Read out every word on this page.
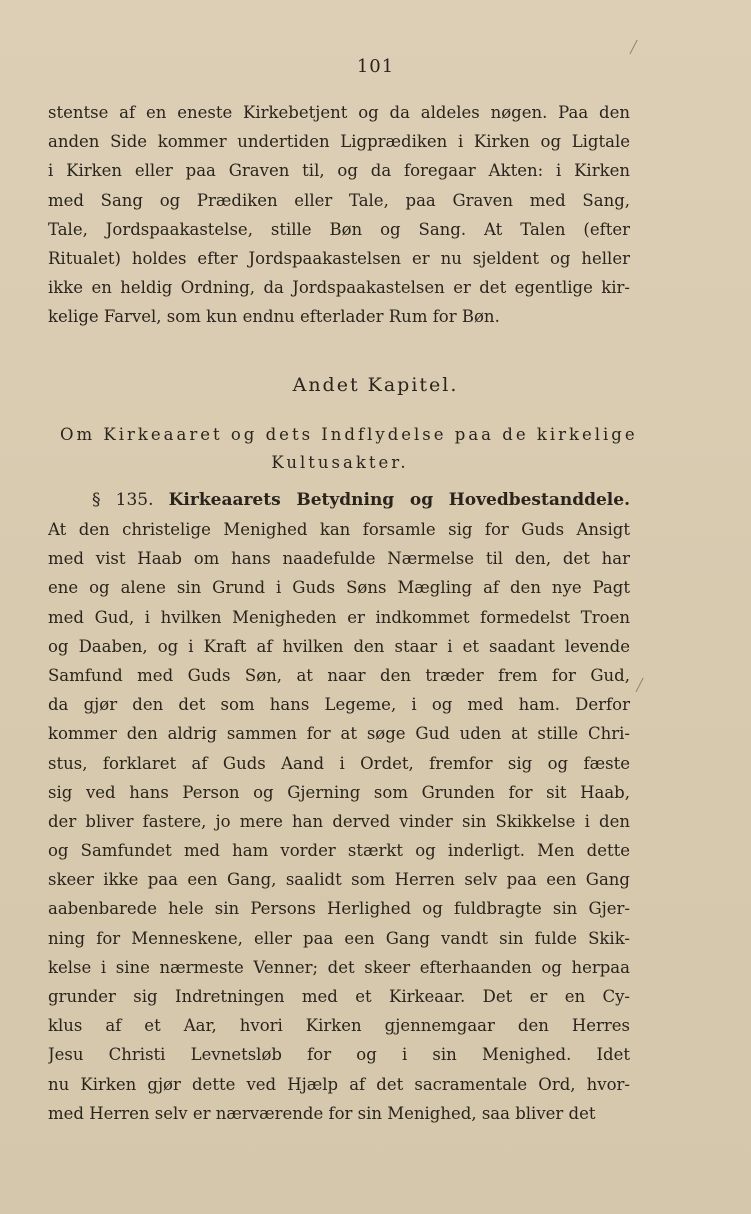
101
stentse af en eneste Kirkebetjent og da aldeles nøgen. Paa den
anden Side kommer undertiden Ligprædiken i Kirken og Ligtale
i Kirken eller paa Graven til, og da foregaar Akten: i Kirken
med Sang og Prædiken eller Tale, paa Graven med Sang,
Tale, Jordspaakastelse, stille Bøn og Sang. At Talen (efter
Ritualet) holdes efter Jordspaakastelsen er nu sjeldent og heller
ikke en heldig Ordning, da Jordspaakastelsen er det egentlige kir-
kelige Farvel, som kun endnu efterlader Rum for Bøn.
Andet Kapitel.
Om Kirkeaaret og dets Indflydelse paa de kirkelige
Kultusakter.
§ 135. Kirkeaarets Betydning og Hovedbestanddele.
At den christelige Menighed kan forsamle sig for Guds Ansigt
med vist Haab om hans naadefulde Nærmelse til den, det har
ene og alene sin Grund i Guds Søns Mægling af den nye Pagt
med Gud, i hvilken Menigheden er indkommet formedelst Troen
og Daaben, og i Kraft af hvilken den staar i et saadant levende
Samfund med Guds Søn, at naar den træder frem for Gud,
da gjør den det som hans Legeme, i og med ham. Derfor
kommer den aldrig sammen for at søge Gud uden at stille Chri-
stus, forklaret af Guds Aand i Ordet, fremfor sig og fæste
sig ved hans Person og Gjerning som Grunden for sit Haab,
der bliver fastere, jo mere han derved vinder sin Skikkelse i den
og Samfundet med ham vorder stærkt og inderligt. Men dette
skeer ikke paa een Gang, saalidt som Herren selv paa een Gang
aabenbarede hele sin Persons Herlighed og fuldbragte sin Gjer-
ning for Menneskene, eller paa een Gang vandt sin fulde Skik-
kelse i sine nærmeste Venner; det skeer efterhaanden og herpaa
grunder sig Indretningen med et Kirkeaar. Det er en Cy-
klus af et Aar, hvori Kirken gjennemgaar den Herres
Jesu Christi Levnetsløb for og i sin Menighed. Idet
nu Kirken gjør dette ved Hjælp af det sacramentale Ord, hvor-
med Herren selv er nærværende for sin Menighed, saa bliver det
╱
╱
